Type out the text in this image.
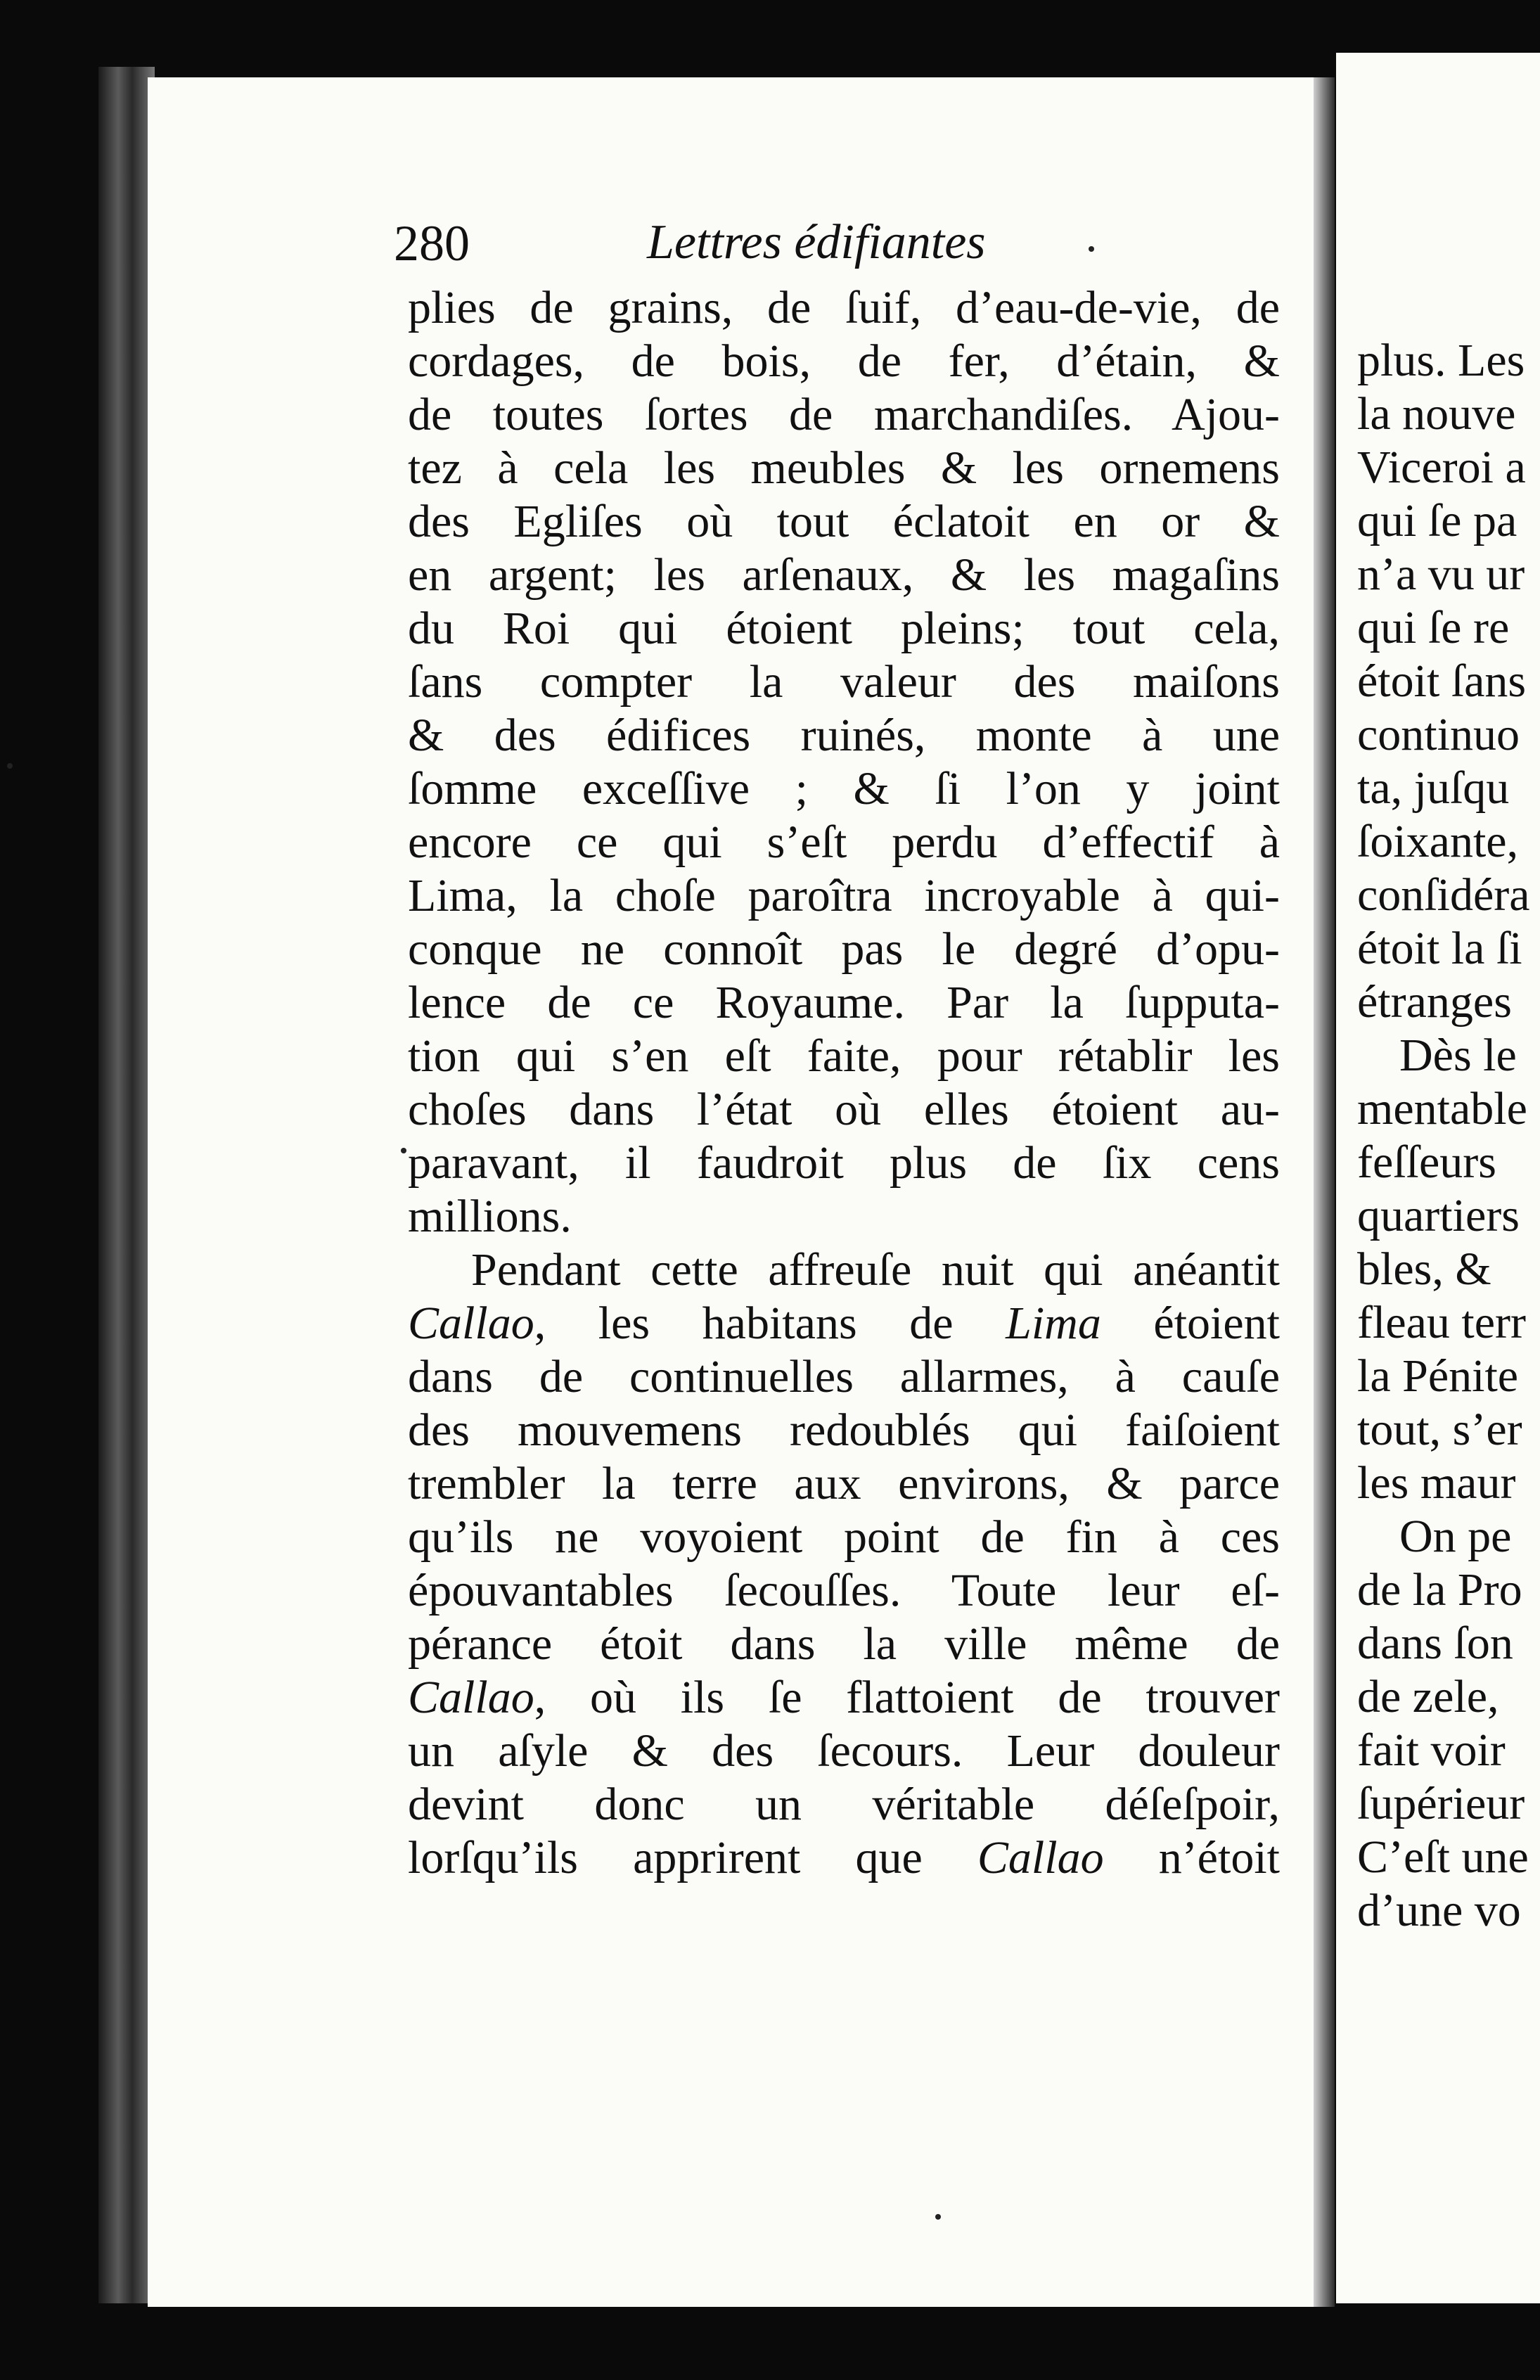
280	Lettres édifiantes
plies de grains, de ſuif, d’eau-de-vie, de
cordages, de bois, de fer, d’étain, &
de toutes ſortes de marchandiſes. Ajou-
tez à cela les meubles & les ornemens
des Egliſes où tout éclatoit en or &
en argent; les arſenaux, & les magaſins
du Roi qui étoient pleins; tout cela,
ſans compter la valeur des maiſons
& des édifices ruinés, monte à une
ſomme exceſſive ; & ſi l’on y joint
encore ce qui s’eſt perdu d’effectif à
Lima, la choſe paroîtra incroyable à qui-
conque ne connoît pas le degré d’opu-
lence de ce Royaume. Par la ſupputa-
tion qui s’en eſt faite, pour rétablir les
choſes dans l’état où elles étoient au-
paravant, il faudroit plus de ſix cens
millions.
Pendant cette affreuſe nuit qui anéantit
Callao, les habitans de Lima étoient
dans de continuelles allarmes, à cauſe
des mouvemens redoublés qui faiſoient
trembler la terre aux environs, & parce
qu’ils ne voyoient point de fin à ces
épouvantables ſecouſſes. Toute leur eſ-
pérance étoit dans la ville même de
Callao, où ils ſe flattoient de trouver
un aſyle & des ſecours. Leur douleur
devint donc un véritable déſeſpoir,
lorſqu’ils apprirent que Callao n’étoit
plus. Les
la nouve
Viceroi a
qui ſe pa
n’a vu ur
qui ſe re
étoit ſans
continuo
ta, juſqu
ſoixante,
conſidéra
étoit la ſi
étranges
Dès le
mentable
feſſeurs
quartiers
bles, &
fleau terr
la Pénite
tout, s’er
les maur
On pe
de la Pro
dans ſon
de zele,
fait voir
ſupérieur
C’eſt une
d’une vo
